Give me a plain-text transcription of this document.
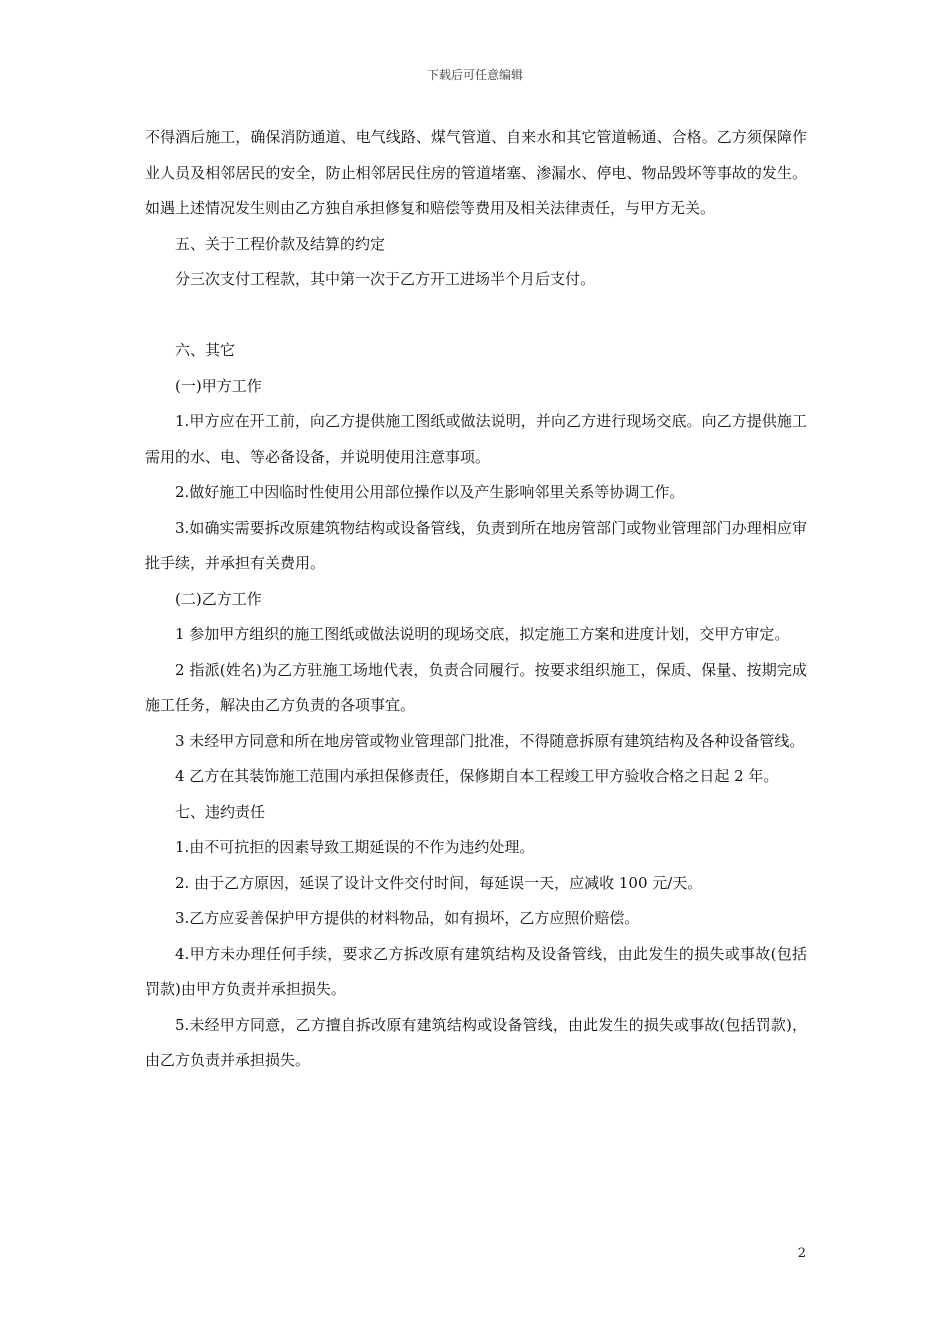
下载后可任意编辑

不得酒后施工，确保消防通道、电气线路、煤气管道、自来水和其它管道畅通、合格。乙方须保障作业人员及相邻居民的安全，防止相邻居民住房的管道堵塞、渗漏水、停电、物品毁坏等事故的发生。如遇上述情况发生则由乙方独自承担修复和赔偿等费用及相关法律责任，与甲方无关。

五、关于工程价款及结算的约定

分三次支付工程款，其中第一次于乙方开工进场半个月后支付。

六、其它

(一)甲方工作

1.甲方应在开工前，向乙方提供施工图纸或做法说明，并向乙方进行现场交底。向乙方提供施工需用的水、电、等必备设备，并说明使用注意事项。

2.做好施工中因临时性使用公用部位操作以及产生影响邻里关系等协调工作。

3.如确实需要拆改原建筑物结构或设备管线，负责到所在地房管部门或物业管理部门办理相应审批手续，并承担有关费用。

(二)乙方工作

1 参加甲方组织的施工图纸或做法说明的现场交底，拟定施工方案和进度计划，交甲方审定。

2 指派(姓名)为乙方驻施工场地代表，负责合同履行。按要求组织施工，保质、保量、按期完成施工任务，解决由乙方负责的各项事宜。

3 未经甲方同意和所在地房管或物业管理部门批准，不得随意拆原有建筑结构及各种设备管线。

4 乙方在其装饰施工范围内承担保修责任，保修期自本工程竣工甲方验收合格之日起 2 年。

七、违约责任

1.由不可抗拒的因素导致工期延误的不作为违约处理。

2. 由于乙方原因，延误了设计文件交付时间，每延误一天，应减收 100 元/天。

3.乙方应妥善保护甲方提供的材料物品，如有损坏，乙方应照价赔偿。

4.甲方未办理任何手续，要求乙方拆改原有建筑结构及设备管线，由此发生的损失或事故(包括罚款)由甲方负责并承担损失。

5.未经甲方同意，乙方擅自拆改原有建筑结构或设备管线，由此发生的损失或事故(包括罚款)，由乙方负责并承担损失。

2
